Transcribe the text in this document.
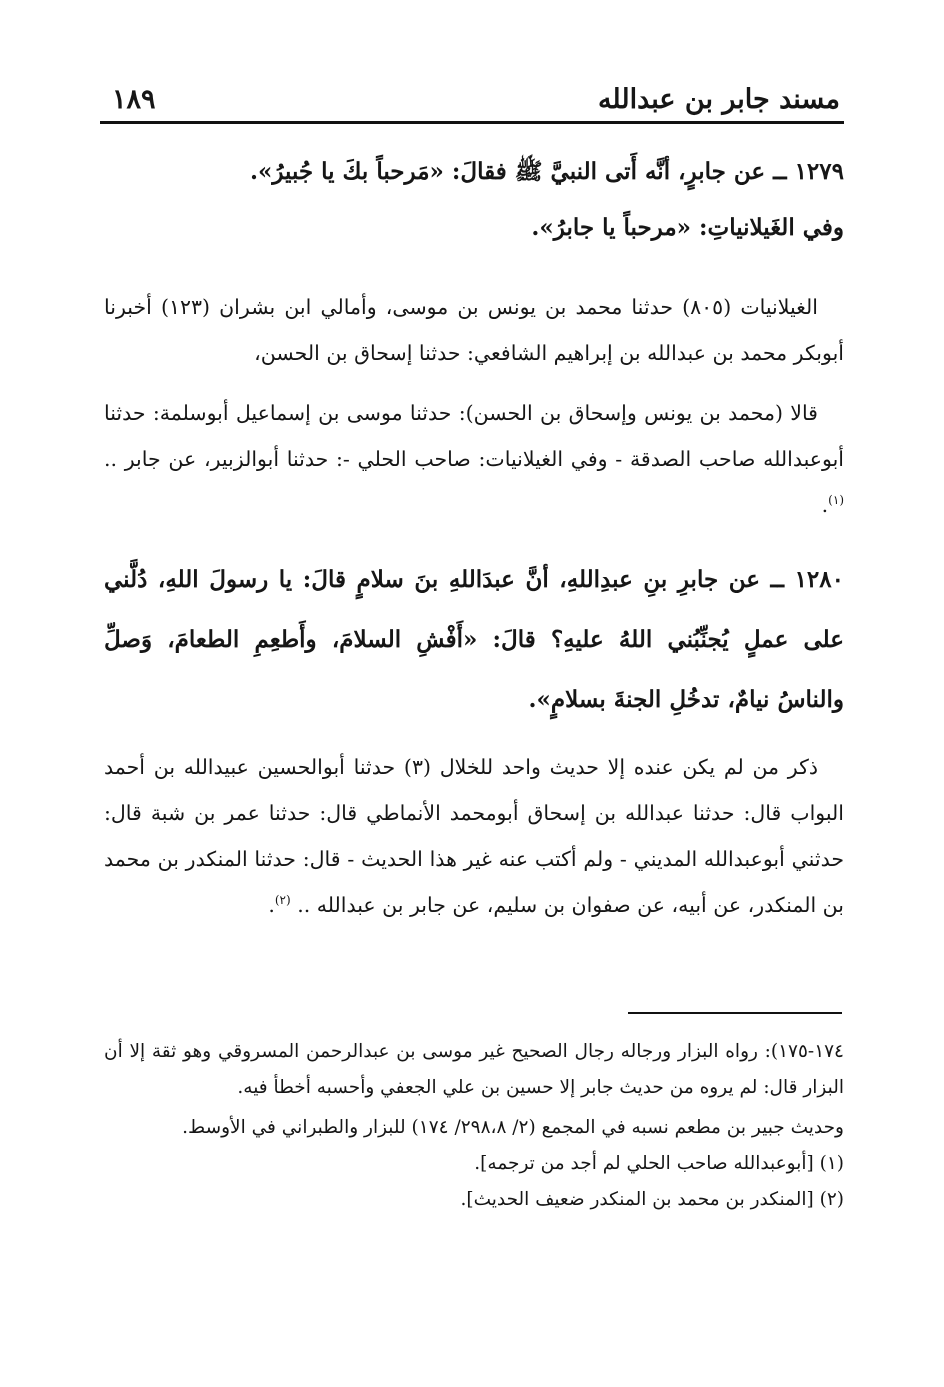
مسند جابر بن عبدالله
١٨٩

١٢٧٩ ــ عن جابرٍ، أنَّه أَتى النبيَّ ﷺ فقالَ: «مَرحباً بكَ يا جُبيرُ».

وفي الغَيلانياتِ: «مرحباً يا جابرُ».

الغيلانيات (٨٠٥) حدثنا محمد بن يونس بن موسى، وأمالي ابن بشران (١٢٣) أخبرنا أبوبكر محمد بن عبدالله بن إبراهيم الشافعي: حدثنا إسحاق بن الحسن،

قالا (محمد بن يونس وإسحاق بن الحسن): حدثنا موسى بن إسماعيل أبوسلمة: حدثنا أبوعبدالله صاحب الصدقة - وفي الغيلانيات: صاحب الحلي -: حدثنا أبوالزبير، عن جابر .. $^{(١)}$.

١٢٨٠ ــ عن جابرِ بنِ عبدِاللهِ، أنَّ عبدَاللهِ بنَ سلامٍ قالَ: يا رسولَ اللهِ، دُلَّني على عملٍ يُجنِّبُني اللهُ عليهِ؟ قالَ: «أَفْشِ السلامَ، وأَطعِمِ الطعامَ، وَصلِّ والناسُ نيامٌ، تدخُلِ الجنةَ بسلامٍ».

ذكر من لم يكن عنده إلا حديث واحد للخلال (٣) حدثنا أبوالحسين عبيدالله بن أحمد البواب قال: حدثنا عبدالله بن إسحاق أبومحمد الأنماطي قال: حدثنا عمر بن شبة قال: حدثني أبوعبدالله المديني - ولم أكتب عنه غير هذا الحديث - قال: حدثنا المنكدر بن محمد بن المنكدر، عن أبيه، عن صفوان بن سليم، عن جابر بن عبدالله .. $^{(٢)}$.

١٧٤-١٧٥): رواه البزار ورجاله رجال الصحيح غير موسى بن عبدالرحمن المسروقي وهو ثقة إلا أن البزار قال: لم يروه من حديث جابر إلا حسين بن علي الجعفي وأحسبه أخطأ فيه.

وحديث جبير بن مطعم نسبه في المجمع (٢/ ٢٩٨،٨/ ١٧٤) للبزار والطبراني في الأوسط.

(١) [أبوعبدالله صاحب الحلي لم أجد من ترجمه].

(٢) [المنكدر بن محمد بن المنكدر ضعيف الحديث].
